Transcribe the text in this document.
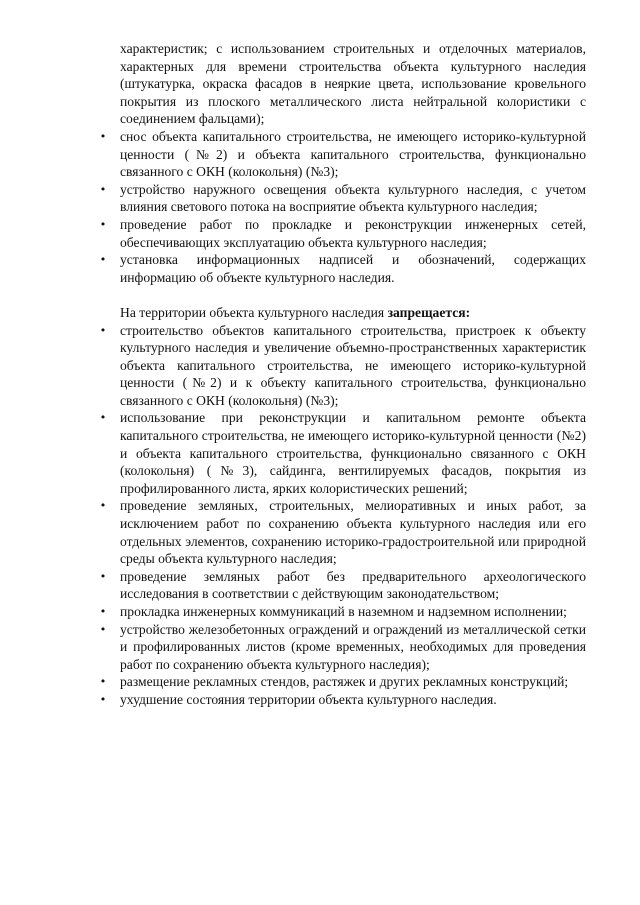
характеристик; с использованием строительных и отделочных материалов, характерных для времени строительства объекта культурного наследия (штукатурка, окраска фасадов в неяркие цвета, использование кровельного покрытия из плоского металлического листа нейтральной колористики с соединением фальцами);

• снос объекта капитального строительства, не имеющего историко-культурной ценности (№2) и объекта капитального строительства, функционально связанного с ОКН (колокольня) (№3);
• устройство наружного освещения объекта культурного наследия, с учетом влияния светового потока на восприятие объекта культурного наследия;
• проведение работ по прокладке и реконструкции инженерных сетей, обеспечивающих эксплуатацию объекта культурного наследия;
• установка информационных надписей и обозначений, содержащих информацию об объекте культурного наследия.

На территории объекта культурного наследия запрещается:

• строительство объектов капитального строительства, пристроек к объекту культурного наследия и увеличение объемно-пространственных характеристик объекта капитального строительства, не имеющего историко-культурной ценности (№2) и к объекту капитального строительства, функционально связанного с ОКН (колокольня) (№3);
• использование при реконструкции и капитальном ремонте объекта капитального строительства, не имеющего историко-культурной ценности (№2) и объекта капитального строительства, функционально связанного с ОКН (колокольня) (№3), сайдинга, вентилируемых фасадов, покрытия из профилированного листа, ярких колористических решений;
• проведение земляных, строительных, мелиоративных и иных работ, за исключением работ по сохранению объекта культурного наследия или его отдельных элементов, сохранению историко-градостроительной или природной среды объекта культурного наследия;
• проведение земляных работ без предварительного археологического исследования в соответствии с действующим законодательством;
• прокладка инженерных коммуникаций в наземном и надземном исполнении;
• устройство железобетонных ограждений и ограждений из металлической сетки и профилированных листов (кроме временных, необходимых для проведения работ по сохранению объекта культурного наследия);
• размещение рекламных стендов, растяжек и других рекламных конструкций;
• ухудшение состояния территории объекта культурного наследия.
